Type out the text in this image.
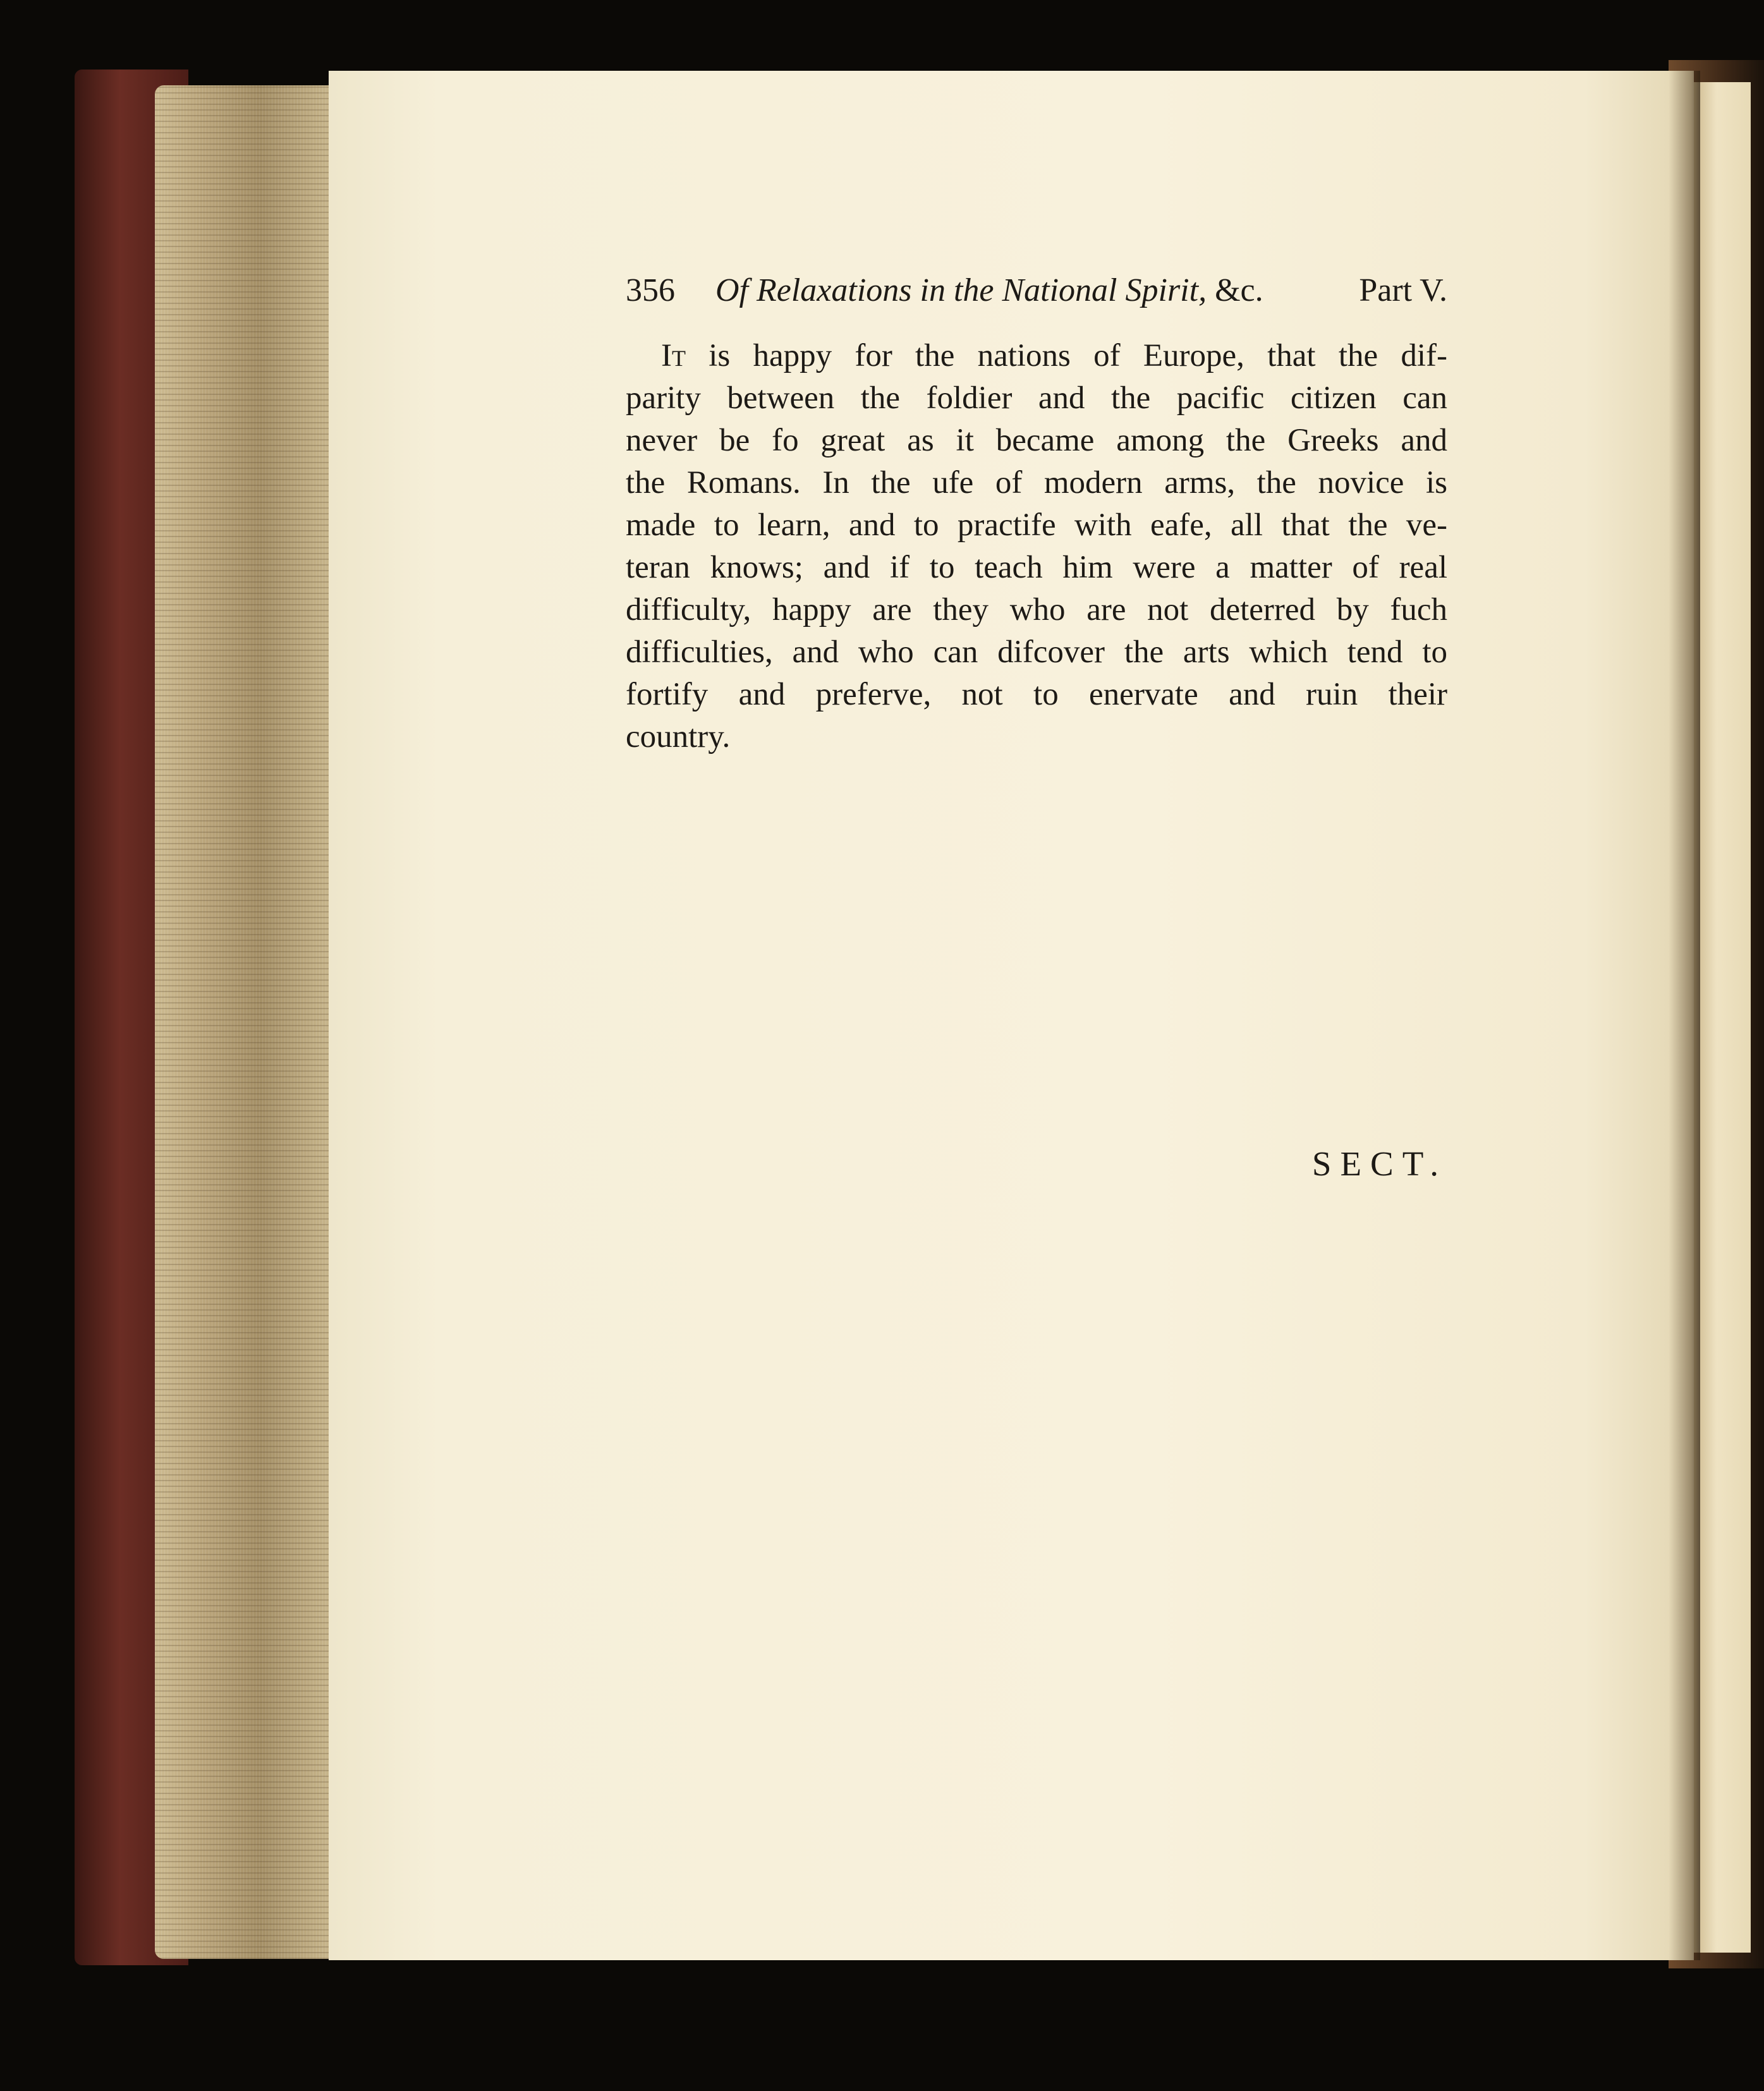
356 Of Relaxations in the National Spirit, &c.	Part V.
It is happy for the nations of Europe, that the dif-
parity between the foldier and the pacific citizen can
never be fo great as it became among the Greeks and
the Romans. In the ufe of modern arms, the novice is
made to learn, and to practife with eafe, all that the ve-
teran knows; and if to teach him were a matter of real
difficulty, happy are they who are not deterred by fuch
difficulties, and who can difcover the arts which tend to
fortify and preferve, not to enervate and ruin their
country.
SECT.
